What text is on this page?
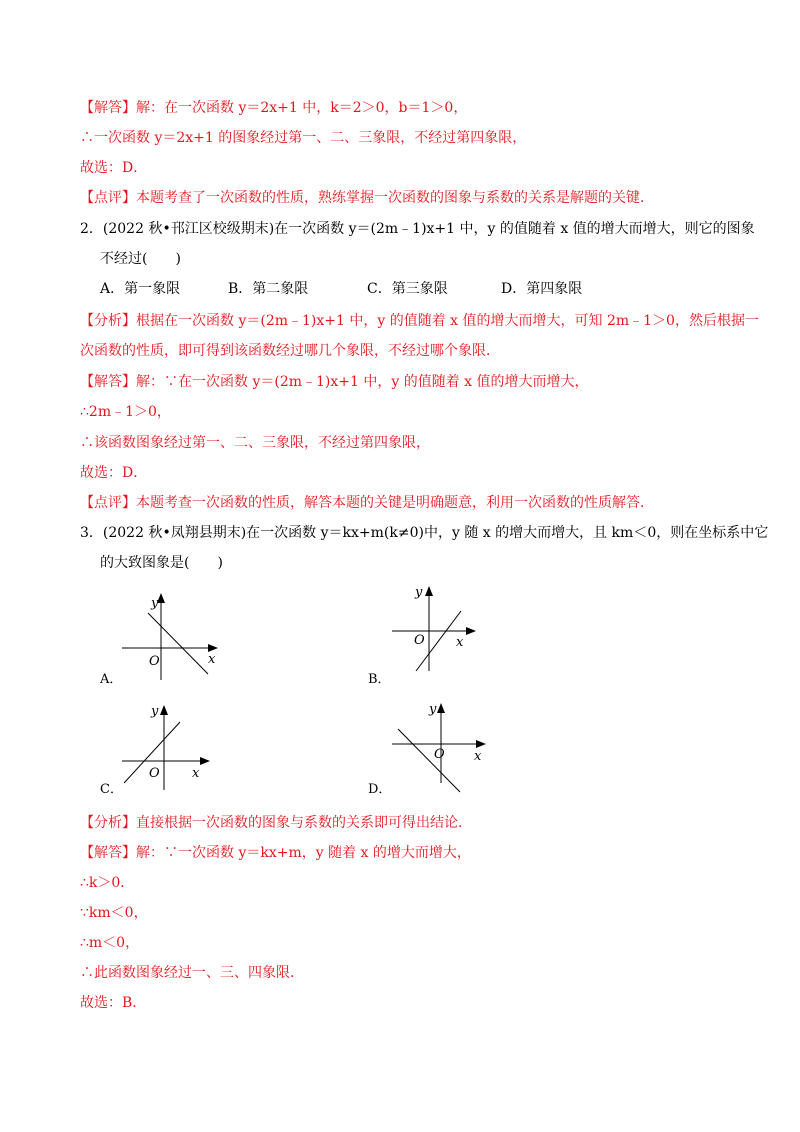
【解答】解：在一次函数 y＝2x+1 中，k＝2＞0，b＝1＞0，
∴一次函数 y＝2x+1 的图象经过第一、二、三象限，不经过第四象限，
故选：D．
【点评】本题考查了一次函数的性质，熟练掌握一次函数的图象与系数的关系是解题的关键．
2．(2022 秋•邗江区校级期末)在一次函数 y＝(2m﹣1)x+1 中，y 的值随着 x 值的增大而增大，则它的图象
不经过(　　)
A．第一象限	B．第二象限	C．第三象限	D．第四象限
【分析】根据在一次函数 y＝(2m﹣1)x+1 中，y 的值随着 x 值的增大而增大，可知 2m﹣1＞0，然后根据一
次函数的性质，即可得到该函数经过哪几个象限，不经过哪个象限．
【解答】解：∵在一次函数 y＝(2m﹣1)x+1 中，y 的值随着 x 值的增大而增大，
∴2m﹣1＞0，
∴该函数图象经过第一、二、三象限，不经过第四象限，
故选：D．
【点评】本题考查一次函数的性质，解答本题的关键是明确题意，利用一次函数的性质解答．
3．(2022 秋•凤翔县期末)在一次函数 y＝kx+m(k≠0)中，y 随 x 的增大而增大，且 km＜0，则在坐标系中它
的大致图象是(　　)
A．
y
x
O
B．
y
x
O
C．
y
x
O
D．
y
x
O
【分析】直接根据一次函数的图象与系数的关系即可得出结论．
【解答】解：∵一次函数 y＝kx+m，y 随着 x 的增大而增大，
∴k＞0．
∵km＜0，
∴m＜0，
∴此函数图象经过一、三、四象限．
故选：B．
